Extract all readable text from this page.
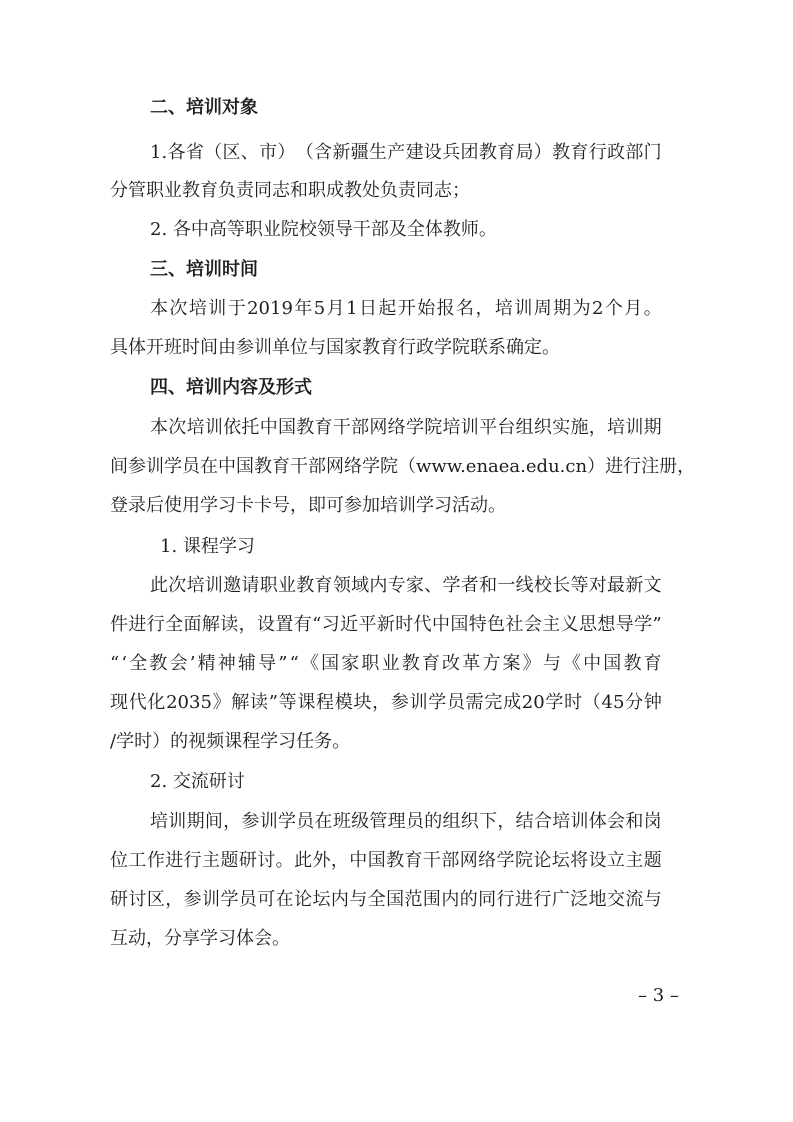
二、培训对象
1. 各 省 （ 区 、 市 ） （ 含 新 疆 生 产 建 设 兵 团 教 育 局 ） 教 育 行 政 部 门
分管职业教育负责同志和职成教处负责同志；
2. 各中高等职业院校领导干部及全体教师。
三、培训时间
本 次 培 训 于 2019 年 5 月 1 日 起 开 始 报 名 ， 培 训 周 期 为 2 个 月 。
具体开班时间由参训单位与国家教育行政学院联系确定。
四、培训内容及形式
本 次 培 训 依 托 中 国 教 育 干 部 网 络 学 院 培 训 平 台 组 织 实 施 ， 培 训 期
间 参 训 学 员 在 中 国 教 育 干 部 网 络 学 院 （ www.enaea.edu.cn ） 进 行 注 册 ，
登录后使用学习卡卡号，即可参加培训学习活动。
1. 课程学习
此 次 培 训 邀 请 职 业 教 育 领 域 内 专 家 、 学 者 和 一 线 校 长 等 对 最 新 文
件 进 行 全 面 解 读 ， 设 置 有 “ 习 近 平 新 时 代 中 国 特 色 社 会 主 义 思 想 导 学 ”
“ ‘ 全 教 会 ’ 精 神 辅 导 ” “ 《 国 家 职 业 教 育 改 革 方 案 》 与 《 中 国 教 育
现 代 化 2035 》 解 读 ” 等 课 程 模 块 ， 参 训 学 员 需 完 成 20 学 时 （ 45 分 钟
/学时）的视频课程学习任务。
2. 交流研讨
培 训 期 间 ， 参 训 学 员 在 班 级 管 理 员 的 组 织 下 ， 结 合 培 训 体 会 和 岗
位 工 作 进 行 主 题 研 讨 。 此 外 ， 中 国 教 育 干 部 网 络 学 院 论 坛 将 设 立 主 题
研 讨 区 ， 参 训 学 员 可 在 论 坛 内 与 全 国 范 围 内 的 同 行 进 行 广 泛 地 交 流 与
互动，分享学习体会。
– 3 –
